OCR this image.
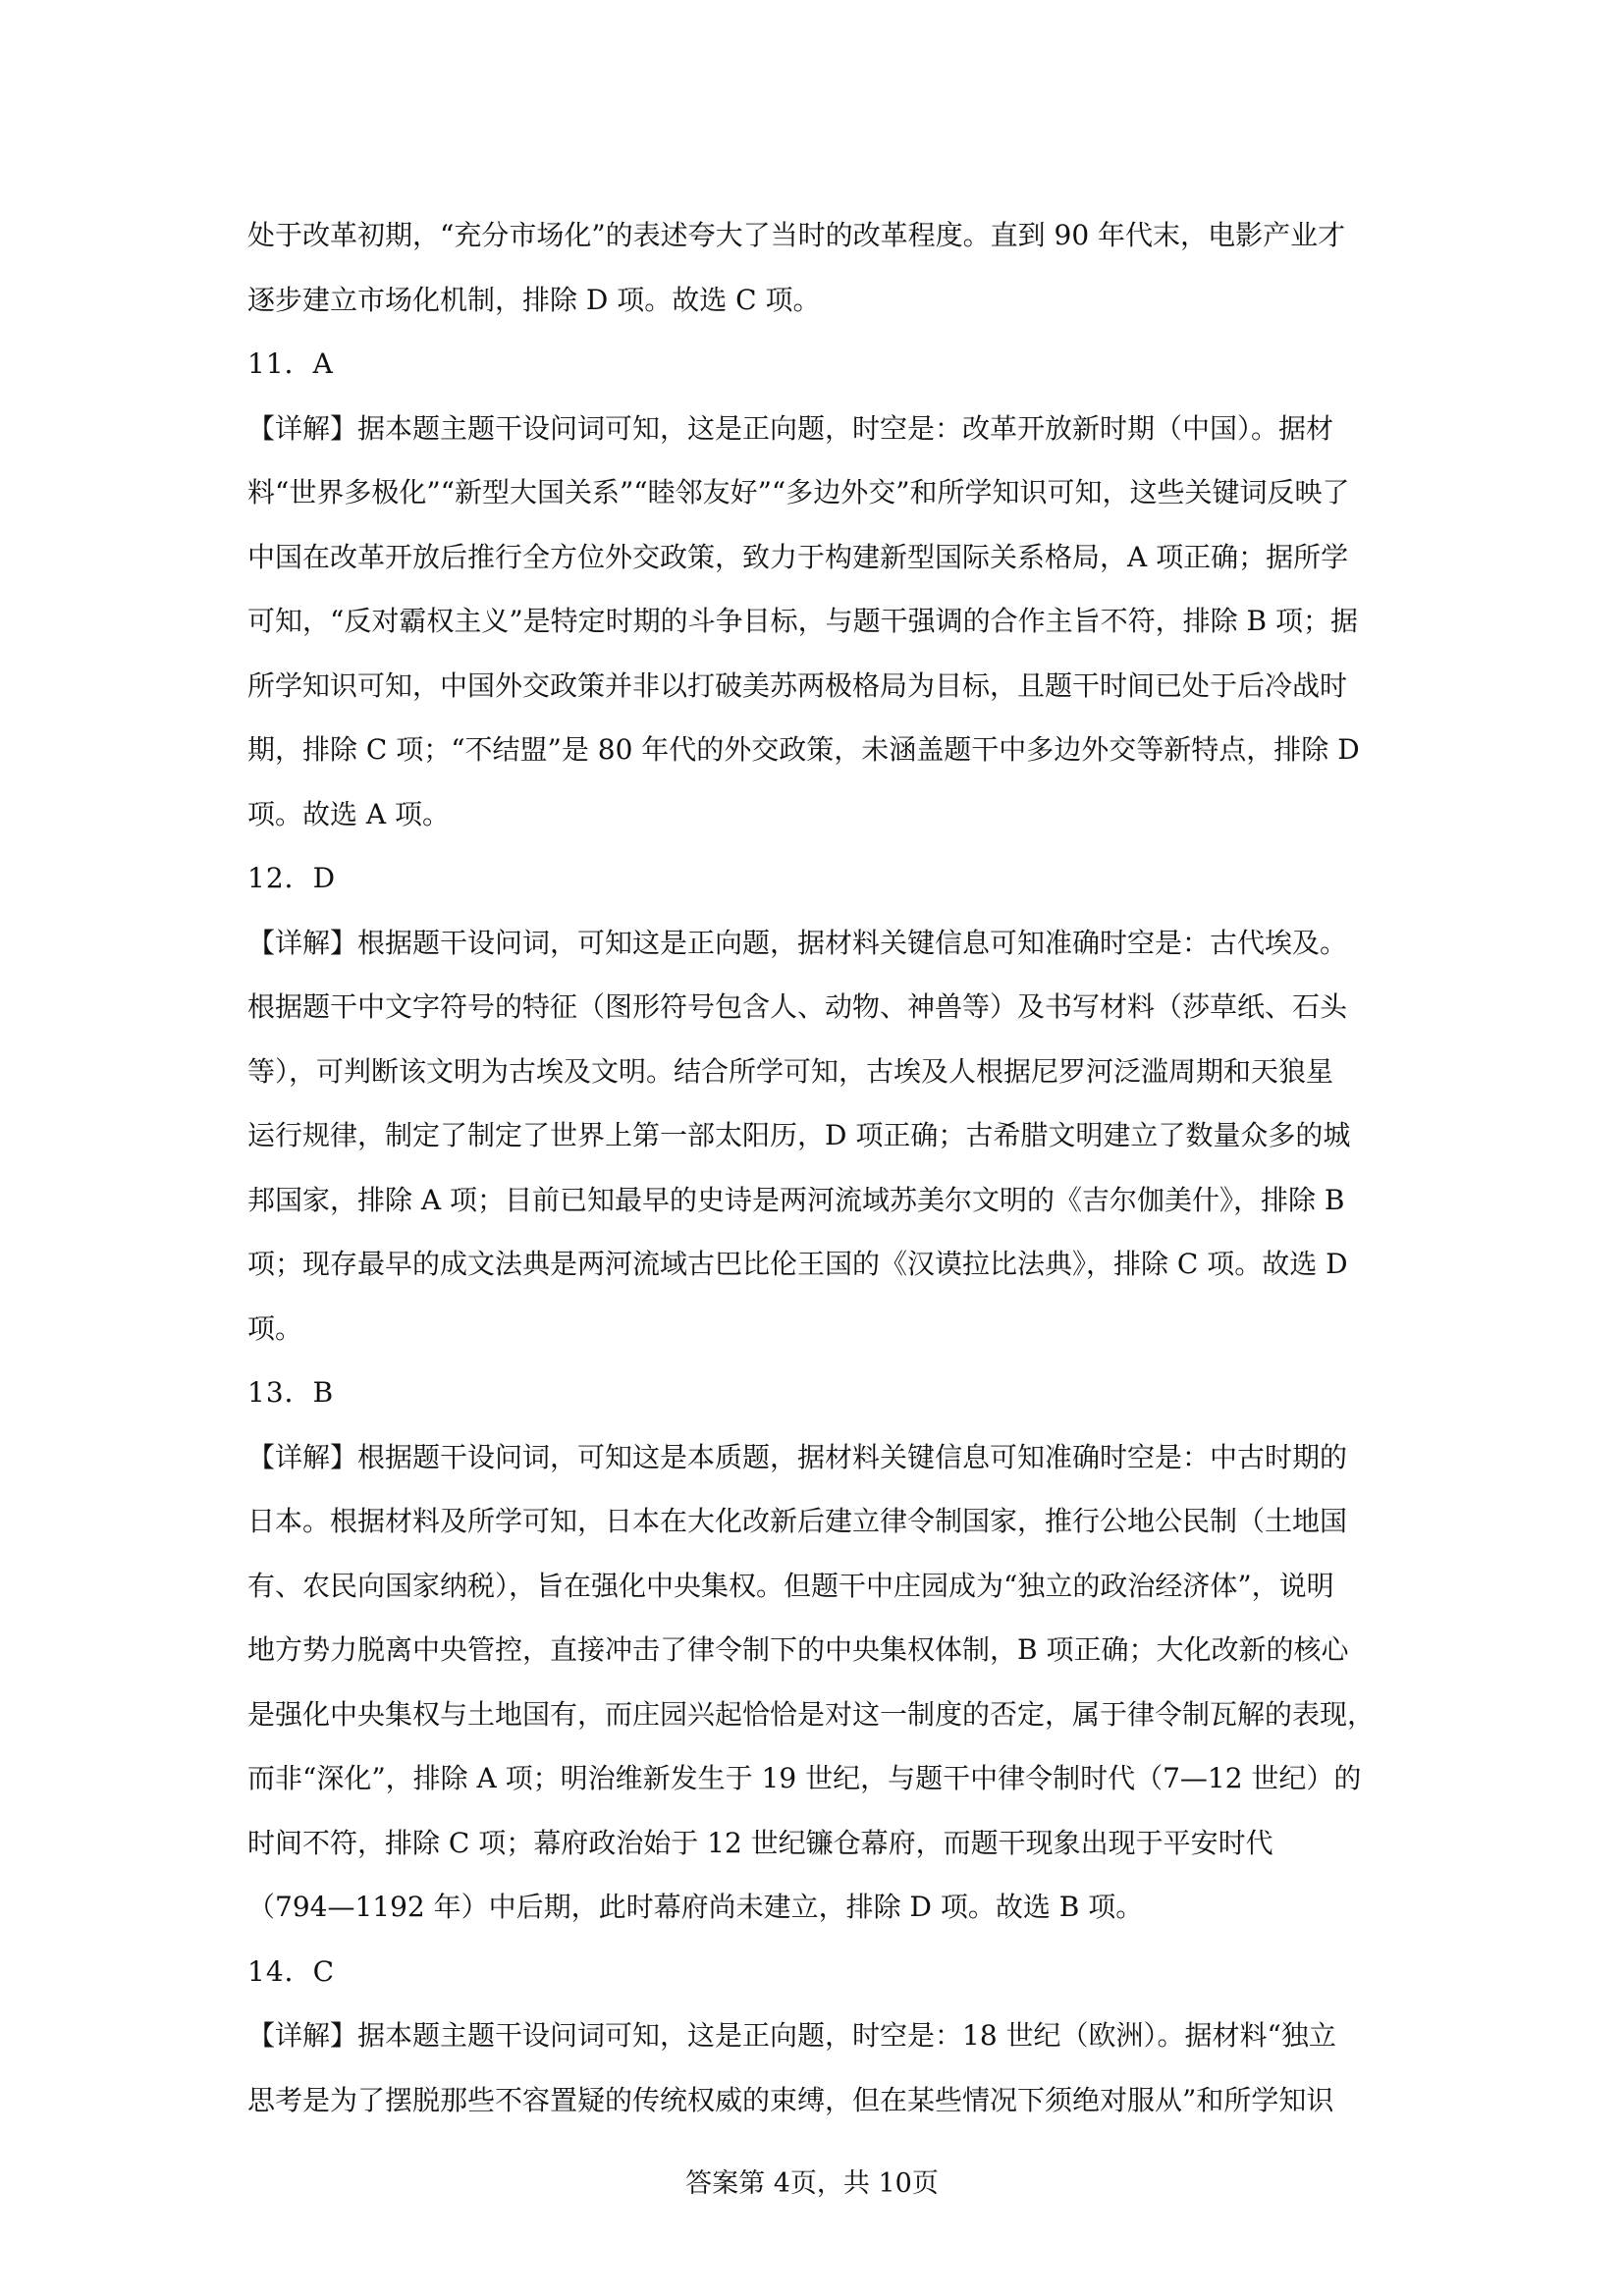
处于改革初期，“充分市场化”的表述夸大了当时的改革程度。直到 90 年代末，电影产业才
逐步建立市场化机制，排除 D 项。故选 C 项。
11．A
【详解】据本题主题干设问词可知，这是正向题，时空是：改革开放新时期（中国）。据材
料“世界多极化”“新型大国关系”“睦邻友好”“多边外交”和所学知识可知，这些关键词反映了
中国在改革开放后推行全方位外交政策，致力于构建新型国际关系格局，A 项正确；据所学
可知，“反对霸权主义”是特定时期的斗争目标，与题干强调的合作主旨不符，排除 B 项；据
所学知识可知，中国外交政策并非以打破美苏两极格局为目标，且题干时间已处于后冷战时
期，排除 C 项；“不结盟”是 80 年代的外交政策，未涵盖题干中多边外交等新特点，排除 D
项。故选 A 项。
12．D
【详解】根据题干设问词，可知这是正向题，据材料关键信息可知准确时空是：古代埃及。
根据题干中文字符号的特征（图形符号包含人、动物、神兽等）及书写材料（莎草纸、石头
等），可判断该文明为古埃及文明。结合所学可知，古埃及人根据尼罗河泛滥周期和天狼星
运行规律，制定了制定了世界上第一部太阳历，D 项正确；古希腊文明建立了数量众多的城
邦国家，排除 A 项；目前已知最早的史诗是两河流域苏美尔文明的《吉尔伽美什》，排除 B
项；现存最早的成文法典是两河流域古巴比伦王国的《汉谟拉比法典》，排除 C 项。故选 D
项。
13．B
【详解】根据题干设问词，可知这是本质题，据材料关键信息可知准确时空是：中古时期的
日本。根据材料及所学可知，日本在大化改新后建立律令制国家，推行公地公民制（土地国
有、农民向国家纳税），旨在强化中央集权。但题干中庄园成为“独立的政治经济体”，说明
地方势力脱离中央管控，直接冲击了律令制下的中央集权体制，B 项正确；大化改新的核心
是强化中央集权与土地国有，而庄园兴起恰恰是对这一制度的否定，属于律令制瓦解的表现，
而非“深化”，排除 A 项；明治维新发生于 19 世纪，与题干中律令制时代（7—12 世纪）的
时间不符，排除 C 项；幕府政治始于 12 世纪镰仓幕府，而题干现象出现于平安时代
（794—1192 年）中后期，此时幕府尚未建立，排除 D 项。故选 B 项。
14．C
【详解】据本题主题干设问词可知，这是正向题，时空是：18 世纪（欧洲）。据材料“独立
思考是为了摆脱那些不容置疑的传统权威的束缚，但在某些情况下须绝对服从”和所学知识
答案第 4页，共 10页
